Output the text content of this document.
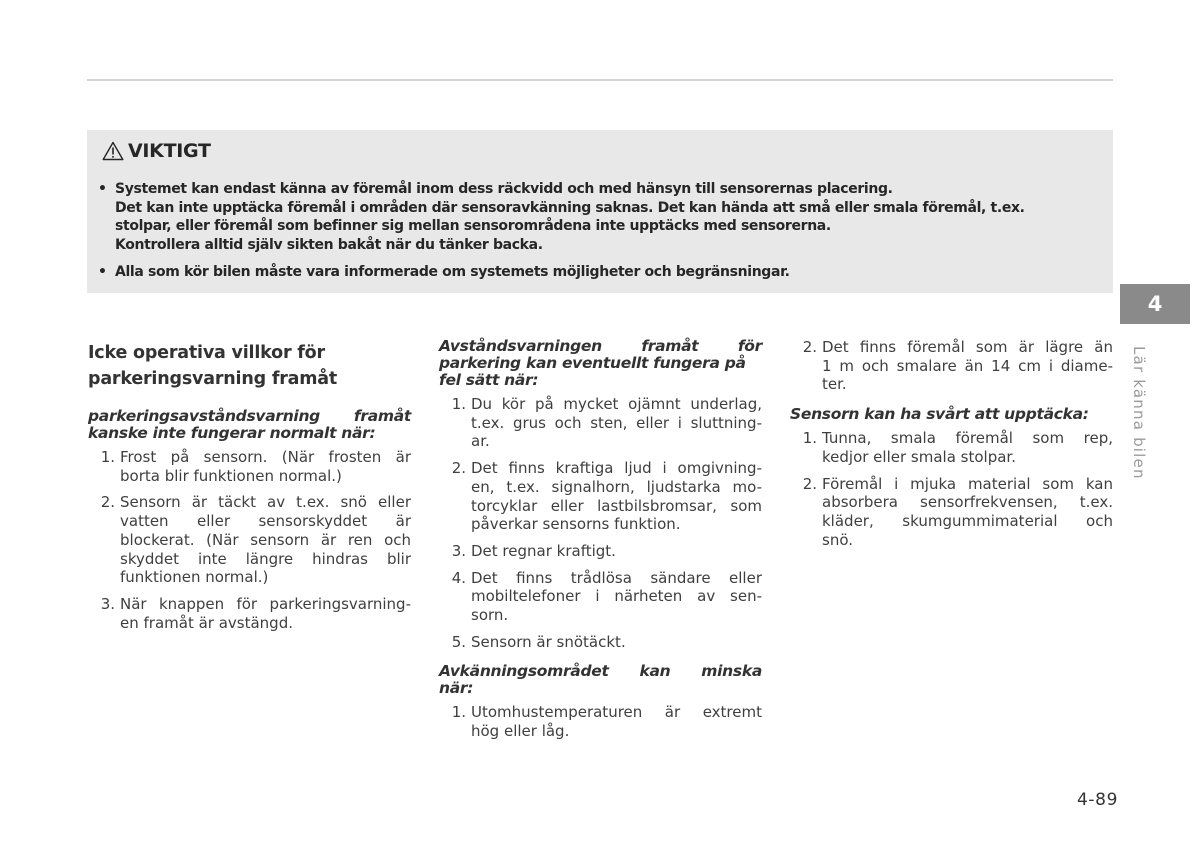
VIKTIGT
• Systemet kan endast känna av föremål inom dess räckvidd och med hänsyn till sensorernas placering.
Det kan inte upptäcka föremål i områden där sensoravkänning saknas. Det kan hända att små eller smala föremål, t.ex.
stolpar, eller föremål som befinner sig mellan sensorområdena inte upptäcks med sensorerna.
Kontrollera alltid själv sikten bakåt när du tänker backa.
• Alla som kör bilen måste vara informerade om systemets möjligheter och begränsningar.
Icke operativa villkor för
parkeringsvarning framåt
parkeringsavståndsvarning framåt
kanske inte fungerar normalt när:
1. Frost på sensorn. (När frosten är
borta blir funktionen normal.)
2. Sensorn är täckt av t.ex. snö eller
vatten eller sensorskyddet är
blockerat. (När sensorn är ren och
skyddet inte längre hindras blir
funktionen normal.)
3. När knappen för parkeringsvarning-
en framåt är avstängd.
Avståndsvarningen framåt för
parkering kan eventuellt fungera på
fel sätt när:
1. Du kör på mycket ojämnt underlag,
t.ex. grus och sten, eller i sluttning-
ar.
2. Det finns kraftiga ljud i omgivning-
en, t.ex. signalhorn, ljudstarka mo-
torcyklar eller lastbilsbromsar, som
påverkar sensorns funktion.
3. Det regnar kraftigt.
4. Det finns trådlösa sändare eller
mobiltelefoner i närheten av sen-
sorn.
5. Sensorn är snötäckt.
Avkänningsområdet kan minska
när:
1. Utomhustemperaturen är extremt
hög eller låg.
2. Det finns föremål som är lägre än
1 m och smalare än 14 cm i diame-
ter.
Sensorn kan ha svårt att upptäcka:
1. Tunna, smala föremål som rep,
kedjor eller smala stolpar.
2. Föremål i mjuka material som kan
absorbera sensorfrekvensen, t.ex.
kläder, skumgummimaterial och
snö.
4
Lär känna bilen
4-89
